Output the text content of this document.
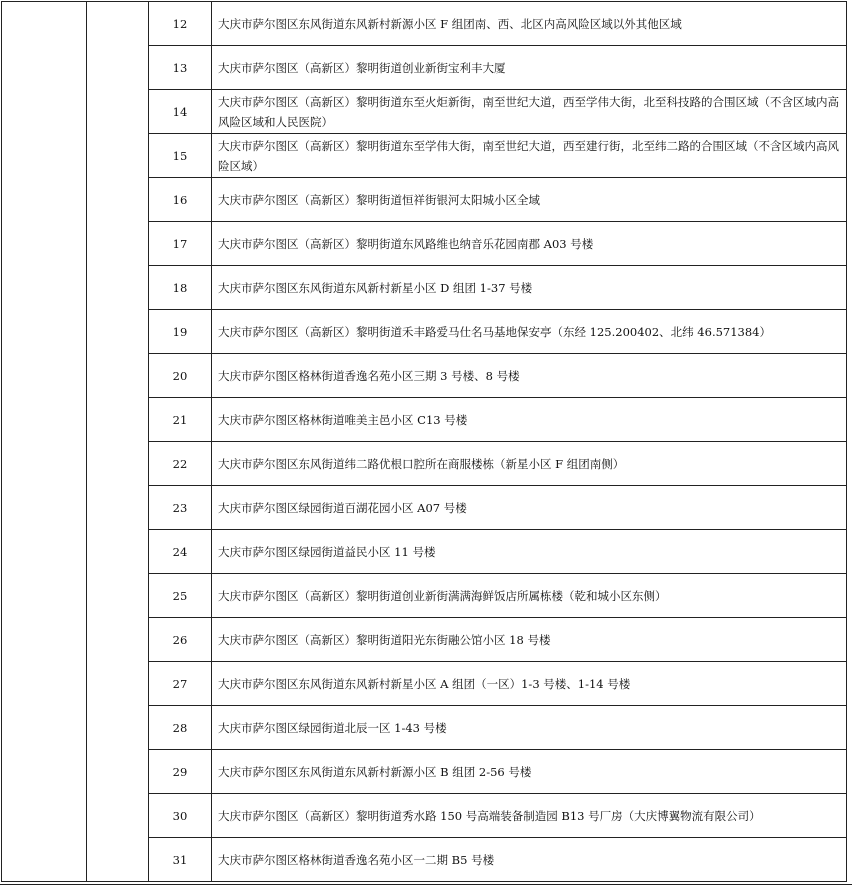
		12	大庆市萨尔图区东风街道东风新村新源小区 F 组团南、西、北区内高风险区域以外其他区域
		13	大庆市萨尔图区（高新区）黎明街道创业新街宝利丰大厦
		14	大庆市萨尔图区（高新区）黎明街道东至火炬新街，南至世纪大道，西至学伟大街，北至科技路的合围区域（不含区域内高风险区域和人民医院）
		15	大庆市萨尔图区（高新区）黎明街道东至学伟大街，南至世纪大道，西至建行街，北至纬二路的合围区域（不含区域内高风险区域）
		16	大庆市萨尔图区（高新区）黎明街道恒祥街银河太阳城小区全域
		17	大庆市萨尔图区（高新区）黎明街道东风路维也纳音乐花园南郡 A03 号楼
		18	大庆市萨尔图区东风街道东风新村新星小区 D 组团 1-37 号楼
		19	大庆市萨尔图区（高新区）黎明街道禾丰路爱马仕名马基地保安亭（东经 125.200402、北纬 46.571384）
		20	大庆市萨尔图区格林街道香逸名苑小区三期 3 号楼、8 号楼
		21	大庆市萨尔图区格林街道唯美主邑小区 C13 号楼
		22	大庆市萨尔图区东风街道纬二路优根口腔所在商服楼栋（新星小区 F 组团南侧）
		23	大庆市萨尔图区绿园街道百湖花园小区 A07 号楼
		24	大庆市萨尔图区绿园街道益民小区 11 号楼
		25	大庆市萨尔图区（高新区）黎明街道创业新街满满海鲜饭店所属栋楼（乾和城小区东侧）
		26	大庆市萨尔图区（高新区）黎明街道阳光东街融公馆小区 18 号楼
		27	大庆市萨尔图区东风街道东风新村新星小区 A 组团（一区）1-3 号楼、1-14 号楼
		28	大庆市萨尔图区绿园街道北辰一区 1-43 号楼
		29	大庆市萨尔图区东风街道东风新村新源小区 B 组团 2-56 号楼
		30	大庆市萨尔图区（高新区）黎明街道秀水路 150 号高端装备制造园 B13 号厂房（大庆博翼物流有限公司）
		31	大庆市萨尔图区格林街道香逸名苑小区一二期 B5 号楼
